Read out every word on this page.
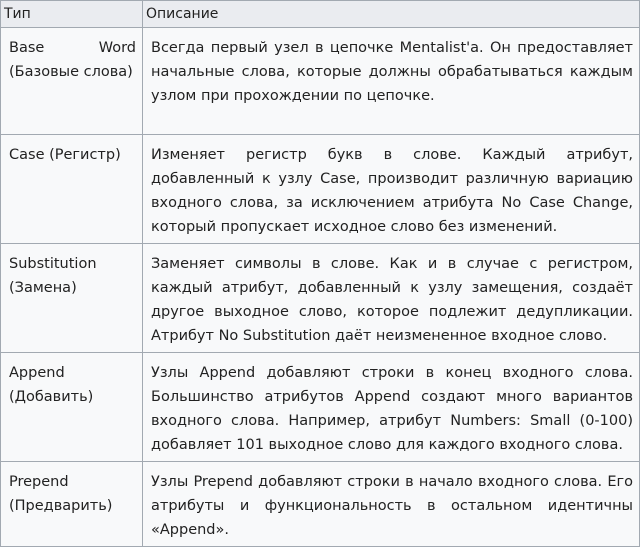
Тип	Описание
Base Word (Базовые слова)	Всегда первый узел в цепочке Mentalist'а. Он предоставляет начальные слова, которые должны обрабатываться каждым узлом при прохождении по цепочке.
Case (Регистр)	Изменяет регистр букв в слове. Каждый атрибут, добавленный к узлу Case, производит различную вариацию входного слова, за исключением атрибута No Case Change, который пропускает исходное слово без изменений.
Substitution (Замена)	Заменяет символы в слове. Как и в случае с регистром, каждый атрибут, добавленный к узлу замещения, создаёт другое выходное слово, которое подлежит дедупликации. Атрибут No Substitution даёт неизмененное входное слово.
Append (Добавить)	Узлы Append добавляют строки в конец входного слова. Большинство атрибутов Append создают много вариантов входного слова. Например, атрибут Numbers: Small (0-100) добавляет 101 выходное слово для каждого входного слова.
Prepend (Предварить)	Узлы Prepend добавляют строки в начало входного слова. Его атрибуты и функциональность в остальном идентичны «Append».
